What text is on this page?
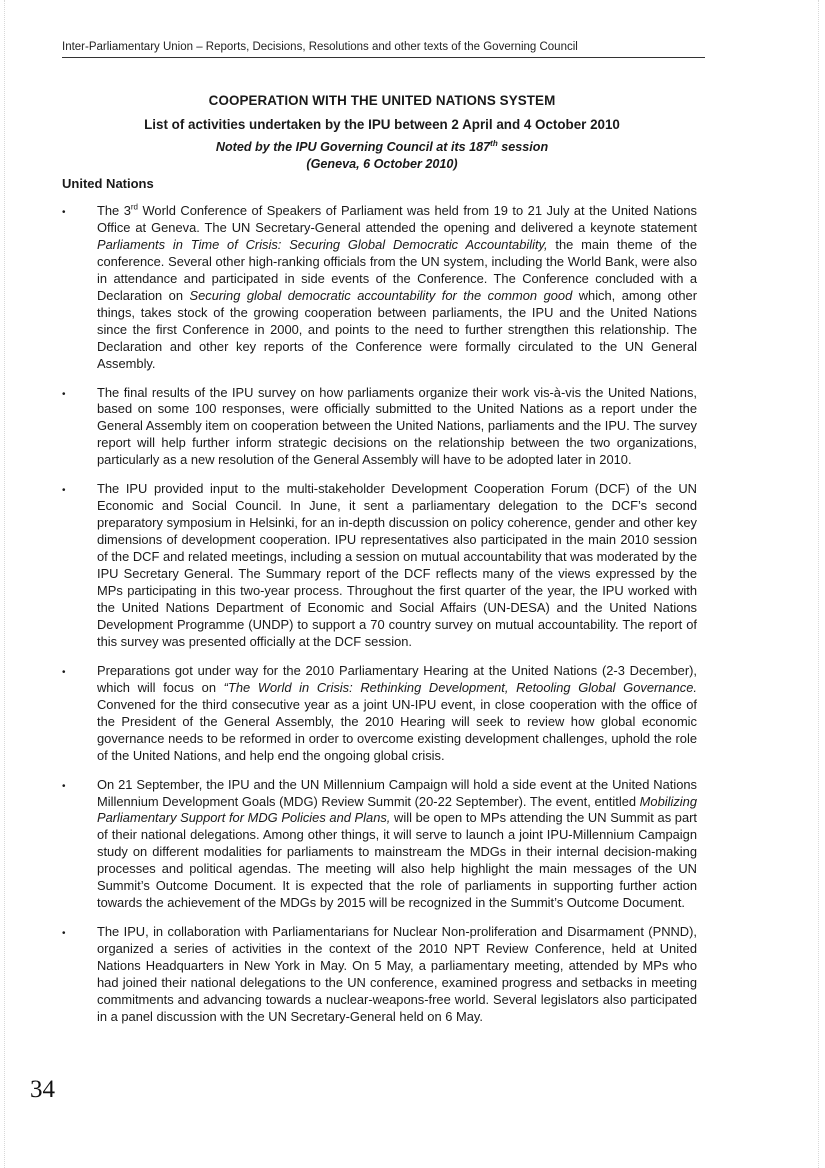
Inter-Parliamentary Union – Reports, Decisions, Resolutions and other texts of the Governing Council
COOPERATION WITH THE UNITED NATIONS SYSTEM
List of activities undertaken by the IPU between 2 April and 4 October 2010
Noted by the IPU Governing Council at its 187th session
(Geneva, 6 October 2010)
United Nations
• The 3rd World Conference of Speakers of Parliament was held from 19 to 21 July at the United Nations Office at Geneva. The UN Secretary-General attended the opening and delivered a keynote statement Parliaments in Time of Crisis: Securing Global Democratic Accountability, the main theme of the conference. Several other high-ranking officials from the UN system, including the World Bank, were also in attendance and participated in side events of the Conference. The Conference concluded with a Declaration on Securing global democratic accountability for the common good which, among other things, takes stock of the growing cooperation between parliaments, the IPU and the United Nations since the first Conference in 2000, and points to the need to further strengthen this relationship. The Declaration and other key reports of the Conference were formally circulated to the UN General Assembly.
• The final results of the IPU survey on how parliaments organize their work vis-à-vis the United Nations, based on some 100 responses, were officially submitted to the United Nations as a report under the General Assembly item on cooperation between the United Nations, parliaments and the IPU. The survey report will help further inform strategic decisions on the relationship between the two organizations, particularly as a new resolution of the General Assembly will have to be adopted later in 2010.
• The IPU provided input to the multi-stakeholder Development Cooperation Forum (DCF) of the UN Economic and Social Council. In June, it sent a parliamentary delegation to the DCF’s second preparatory symposium in Helsinki, for an in-depth discussion on policy coherence, gender and other key dimensions of development cooperation. IPU representatives also participated in the main 2010 session of the DCF and related meetings, including a session on mutual accountability that was moderated by the IPU Secretary General. The Summary report of the DCF reflects many of the views expressed by the MPs participating in this two-year process. Throughout the first quarter of the year, the IPU worked with the United Nations Department of Economic and Social Affairs (UN-DESA) and the United Nations Development Programme (UNDP) to support a 70 country survey on mutual accountability. The report of this survey was presented officially at the DCF session.
• Preparations got under way for the 2010 Parliamentary Hearing at the United Nations (2-3 December), which will focus on “The World in Crisis: Rethinking Development, Retooling Global Governance. Convened for the third consecutive year as a joint UN-IPU event, in close cooperation with the office of the President of the General Assembly, the 2010 Hearing will seek to review how global economic governance needs to be reformed in order to overcome existing development challenges, uphold the role of the United Nations, and help end the ongoing global crisis.
• On 21 September, the IPU and the UN Millennium Campaign will hold a side event at the United Nations Millennium Development Goals (MDG) Review Summit (20-22 September). The event, entitled Mobilizing Parliamentary Support for MDG Policies and Plans, will be open to MPs attending the UN Summit as part of their national delegations. Among other things, it will serve to launch a joint IPU-Millennium Campaign study on different modalities for parliaments to mainstream the MDGs in their internal decision-making processes and political agendas. The meeting will also help highlight the main messages of the UN Summit’s Outcome Document. It is expected that the role of parliaments in supporting further action towards the achievement of the MDGs by 2015 will be recognized in the Summit’s Outcome Document.
• The IPU, in collaboration with Parliamentarians for Nuclear Non-proliferation and Disarmament (PNND), organized a series of activities in the context of the 2010 NPT Review Conference, held at United Nations Headquarters in New York in May. On 5 May, a parliamentary meeting, attended by MPs who had joined their national delegations to the UN conference, examined progress and setbacks in meeting commitments and advancing towards a nuclear-weapons-free world. Several legislators also participated in a panel discussion with the UN Secretary-General held on 6 May.
34
